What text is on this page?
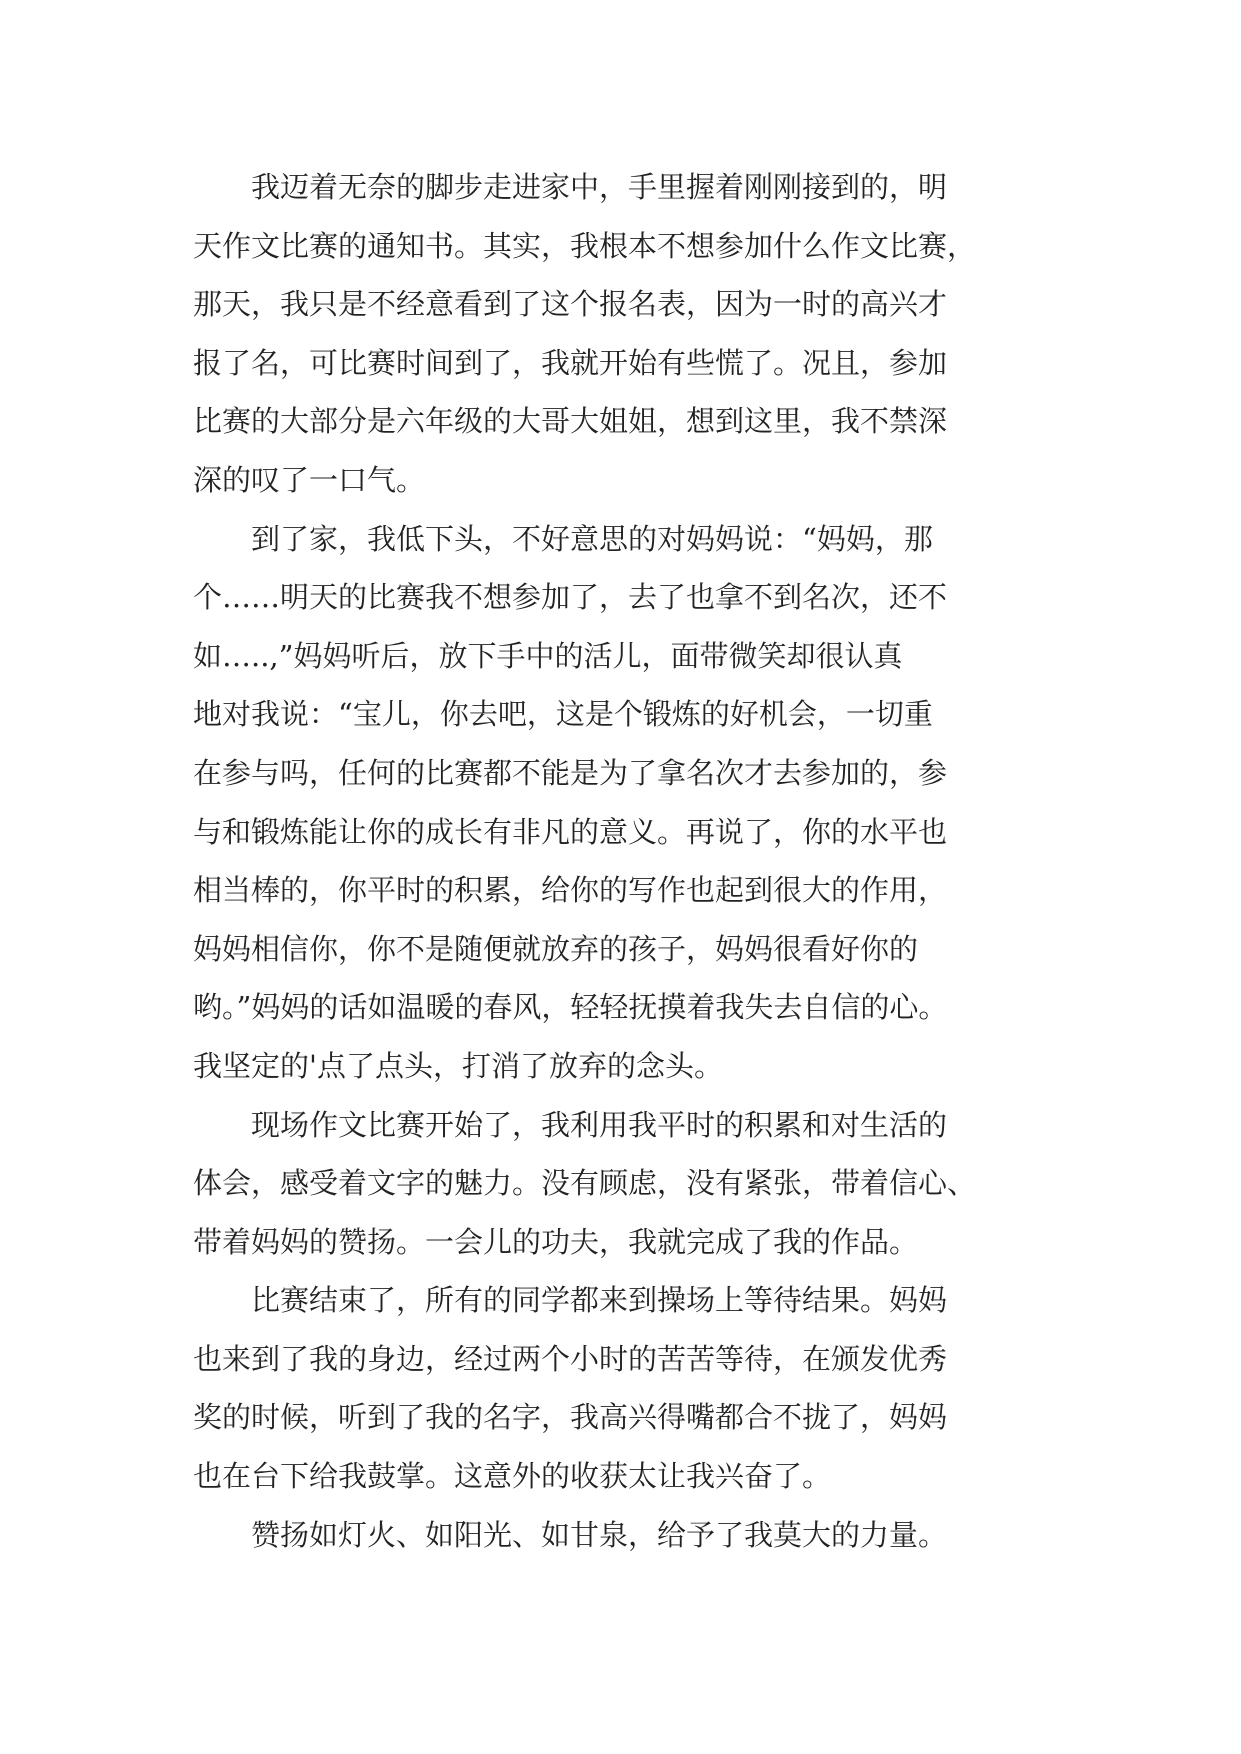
　　我迈着无奈的脚步走进家中，手里握着刚刚接到的，明
天作文比赛的通知书。其实，我根本不想参加什么作文比赛，
那天，我只是不经意看到了这个报名表，因为一时的高兴才
报了名，可比赛时间到了，我就开始有些慌了。况且，参加
比赛的大部分是六年级的大哥大姐姐，想到这里，我不禁深
深的叹了一口气。
　　到了家，我低下头，不好意思的对妈妈说：“妈妈，那
个……明天的比赛我不想参加了，去了也拿不到名次，还不
如…..,”妈妈听后，放下手中的活儿，面带微笑却很认真
地对我说：“宝儿，你去吧，这是个锻炼的好机会，一切重
在参与吗，任何的比赛都不能是为了拿名次才去参加的，参
与和锻炼能让你的成长有非凡的意义。再说了，你的水平也
相当棒的，你平时的积累，给你的写作也起到很大的作用，
妈妈相信你，你不是随便就放弃的孩子，妈妈很看好你的
哟。”妈妈的话如温暖的春风，轻轻抚摸着我失去自信的心。
我坚定的'点了点头，打消了放弃的念头。
　　现场作文比赛开始了，我利用我平时的积累和对生活的
体会，感受着文字的魅力。没有顾虑，没有紧张，带着信心、
带着妈妈的赞扬。一会儿的功夫，我就完成了我的作品。
　　比赛结束了，所有的同学都来到操场上等待结果。妈妈
也来到了我的身边，经过两个小时的苦苦等待，在颁发优秀
奖的时候，听到了我的名字，我高兴得嘴都合不拢了，妈妈
也在台下给我鼓掌。这意外的收获太让我兴奋了。
　　赞扬如灯火、如阳光、如甘泉，给予了我莫大的力量。
